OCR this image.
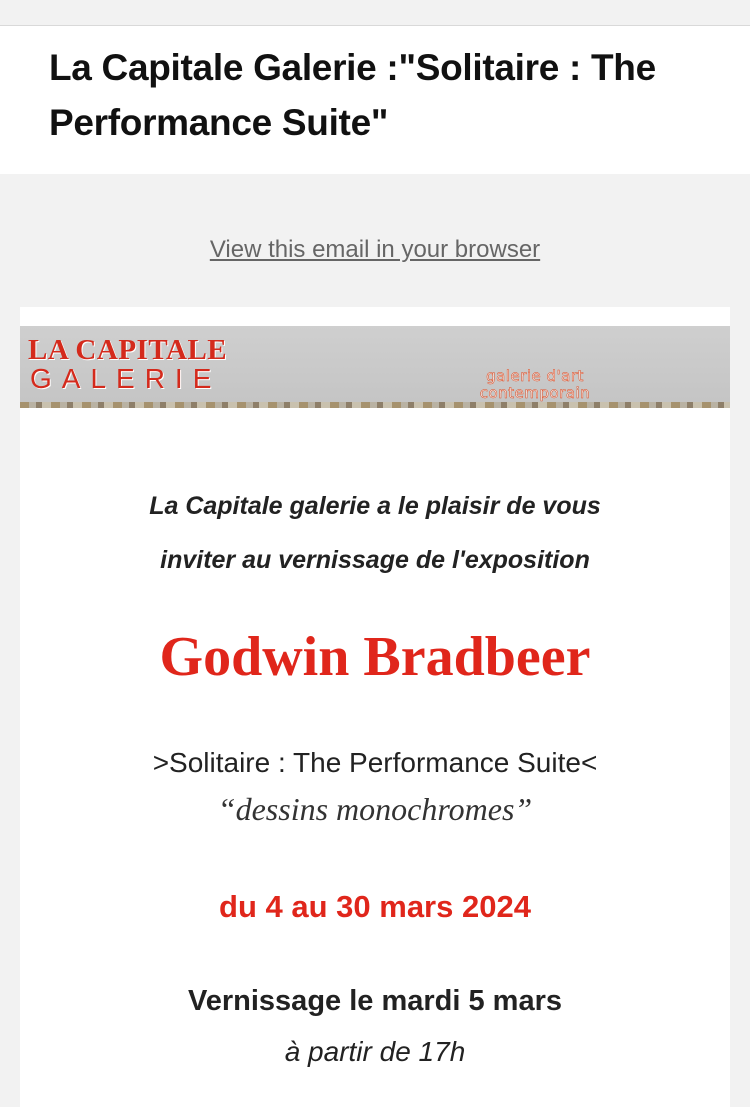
La Capitale Galerie :"Solitaire : The Performance Suite"
View this email in your browser
LA CAPITALE
GALERIE	galerie d'art
contemporain
La Capitale galerie a le plaisir de vous
inviter au vernissage de l'exposition
Godwin Bradbeer
>Solitaire : The Performance Suite<
“dessins monochromes”
du 4 au 30 mars 2024
Vernissage le mardi 5 mars
à partir de 17h
